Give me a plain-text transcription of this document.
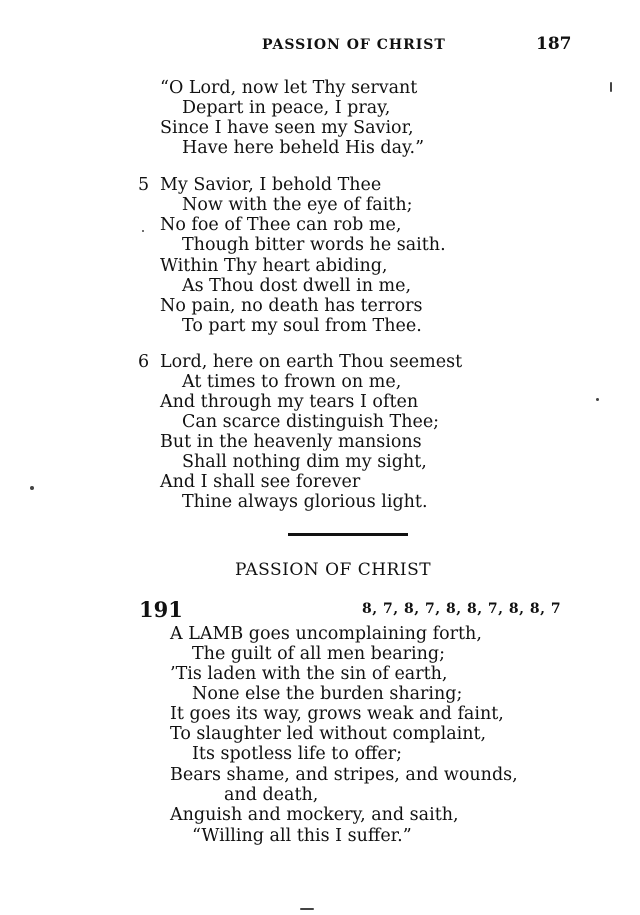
PASSION OF CHRIST	187
“O Lord, now let Thy servant
Depart in peace, I pray,
Since I have seen my Savior,
Have here beheld His day.”
5 My Savior, I behold Thee
Now with the eye of faith;
No foe of Thee can rob me,
Though bitter words he saith.
Within Thy heart abiding,
As Thou dost dwell in me,
No pain, no death has terrors
To part my soul from Thee.
6 Lord, here on earth Thou seemest
At times to frown on me,
And through my tears I often
Can scarce distinguish Thee;
But in the heavenly mansions
Shall nothing dim my sight,
And I shall see forever
Thine always glorious light.
PASSION OF CHRIST
191	8, 7, 8, 7, 8, 8, 7, 8, 8, 7
A LAMB goes uncomplaining forth,
The guilt of all men bearing;
’Tis laden with the sin of earth,
None else the burden sharing;
It goes its way, grows weak and faint,
To slaughter led without complaint,
Its spotless life to offer;
Bears shame, and stripes, and wounds,
and death,
Anguish and mockery, and saith,
“Willing all this I suffer.”
